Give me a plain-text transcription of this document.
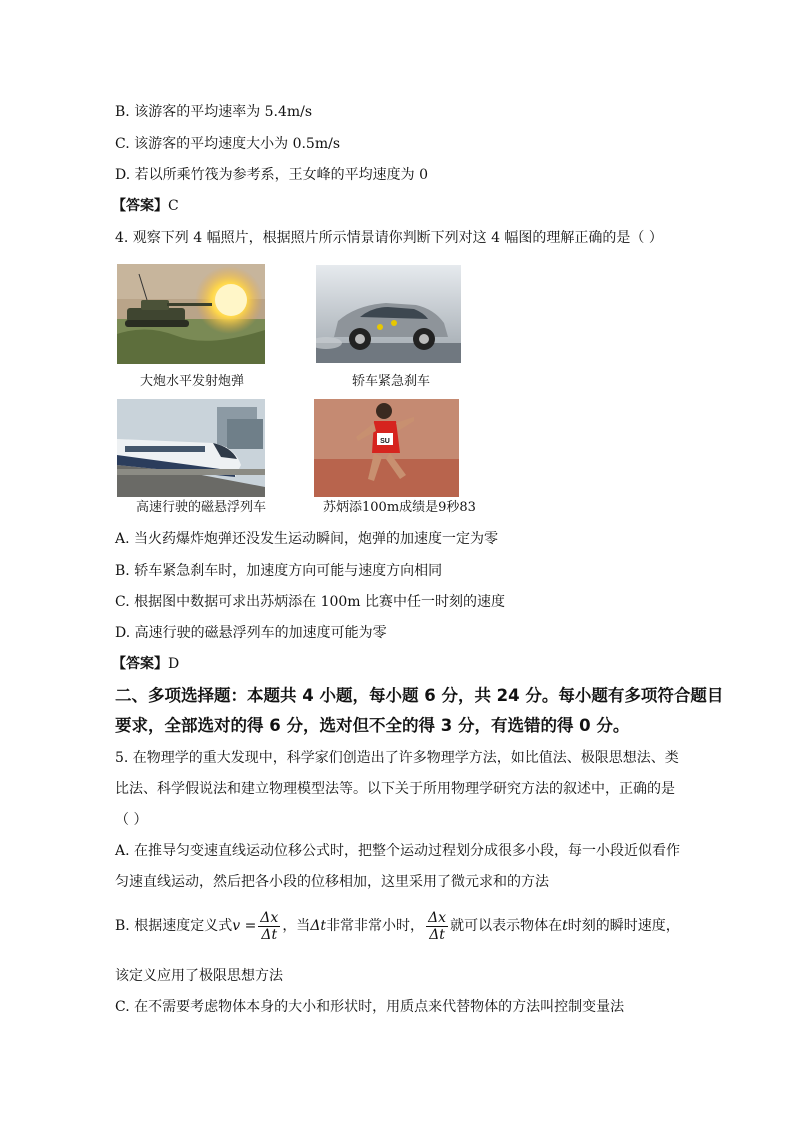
B. 该游客的平均速率为 5.4m/s
C. 该游客的平均速度大小为 0.5m/s
D. 若以所乘竹筏为参考系，王女峰的平均速度为 0
【答案】C
4. 观察下列 4 幅照片，根据照片所示情景请你判断下列对这 4 幅图的理解正确的是（ ）
大炮水平发射炮弹	轿车紧急刹车
高速行驶的磁悬浮列车
SU
苏炳添100m成绩是9秒83
A. 当火药爆炸炮弹还没发生运动瞬间，炮弹的加速度一定为零
B. 轿车紧急刹车时，加速度方向可能与速度方向相同
C. 根据图中数据可求出苏炳添在 100m 比赛中任一时刻的速度
D. 高速行驶的磁悬浮列车的加速度可能为零
【答案】D
二、多项选择题：本题共 4 小题，每小题 6 分，共 24 分。每小题有多项符合题目
要求，全部选对的得 6 分，选对但不全的得 3 分，有选错的得 0 分。
5. 在物理学的重大发现中，科学家们创造出了许多物理学方法，如比值法、极限思想法、类
比法、科学假说法和建立物理模型法等。以下关于所用物理学研究方法的叙述中，正确的是
（ ）
A. 在推导匀变速直线运动位移公式时，把整个运动过程划分成很多小段，每一小段近似看作
匀速直线运动，然后把各小段的位移相加，这里采用了微元求和的方法
B. 根据速度定义式$v = \frac{\Delta x}{\Delta t}$ ，当Δt非常非常小时， $\frac{\Delta x}{\Delta t}$ 就可以表示物体在t时刻的瞬时速度，
该定义应用了极限思想方法
C. 在不需要考虑物体本身的大小和形状时，用质点来代替物体的方法叫控制变量法
